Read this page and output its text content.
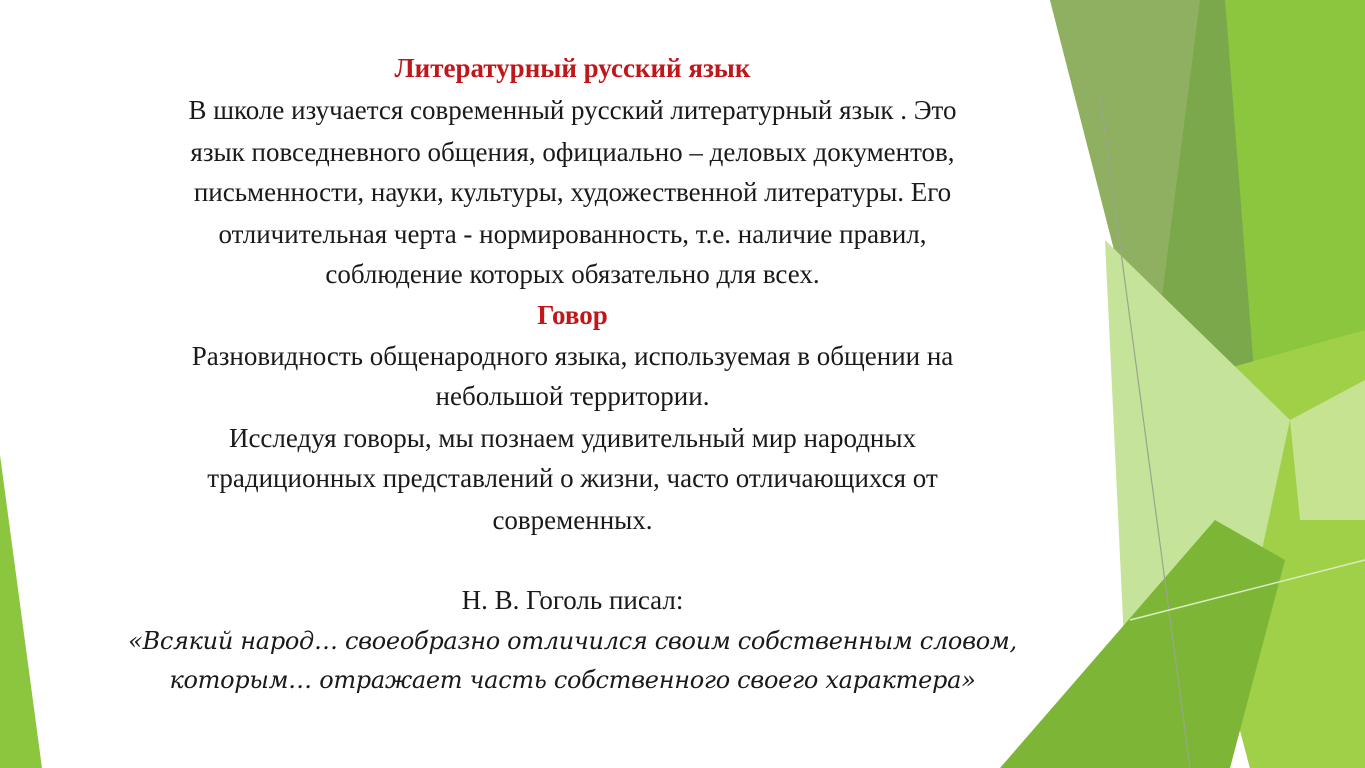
Литературный русский язык
В школе изучается современный русский литературный язык . Это
язык повседневного общения, официально – деловых документов,
письменности, науки, культуры, художественной литературы. Его
отличительная черта - нормированность, т.е. наличие правил,
соблюдение которых обязательно для всех.
Говор
Разновидность общенародного языка, используемая в общении на
небольшой территории.
Исследуя говоры, мы познаем удивительный мир народных
традиционных представлений о жизни, часто отличающихся от
современных.
Н. В. Гоголь писал:
«Всякий народ… своеобразно отличился своим собственным словом,
которым… отражает часть собственного своего характера»
